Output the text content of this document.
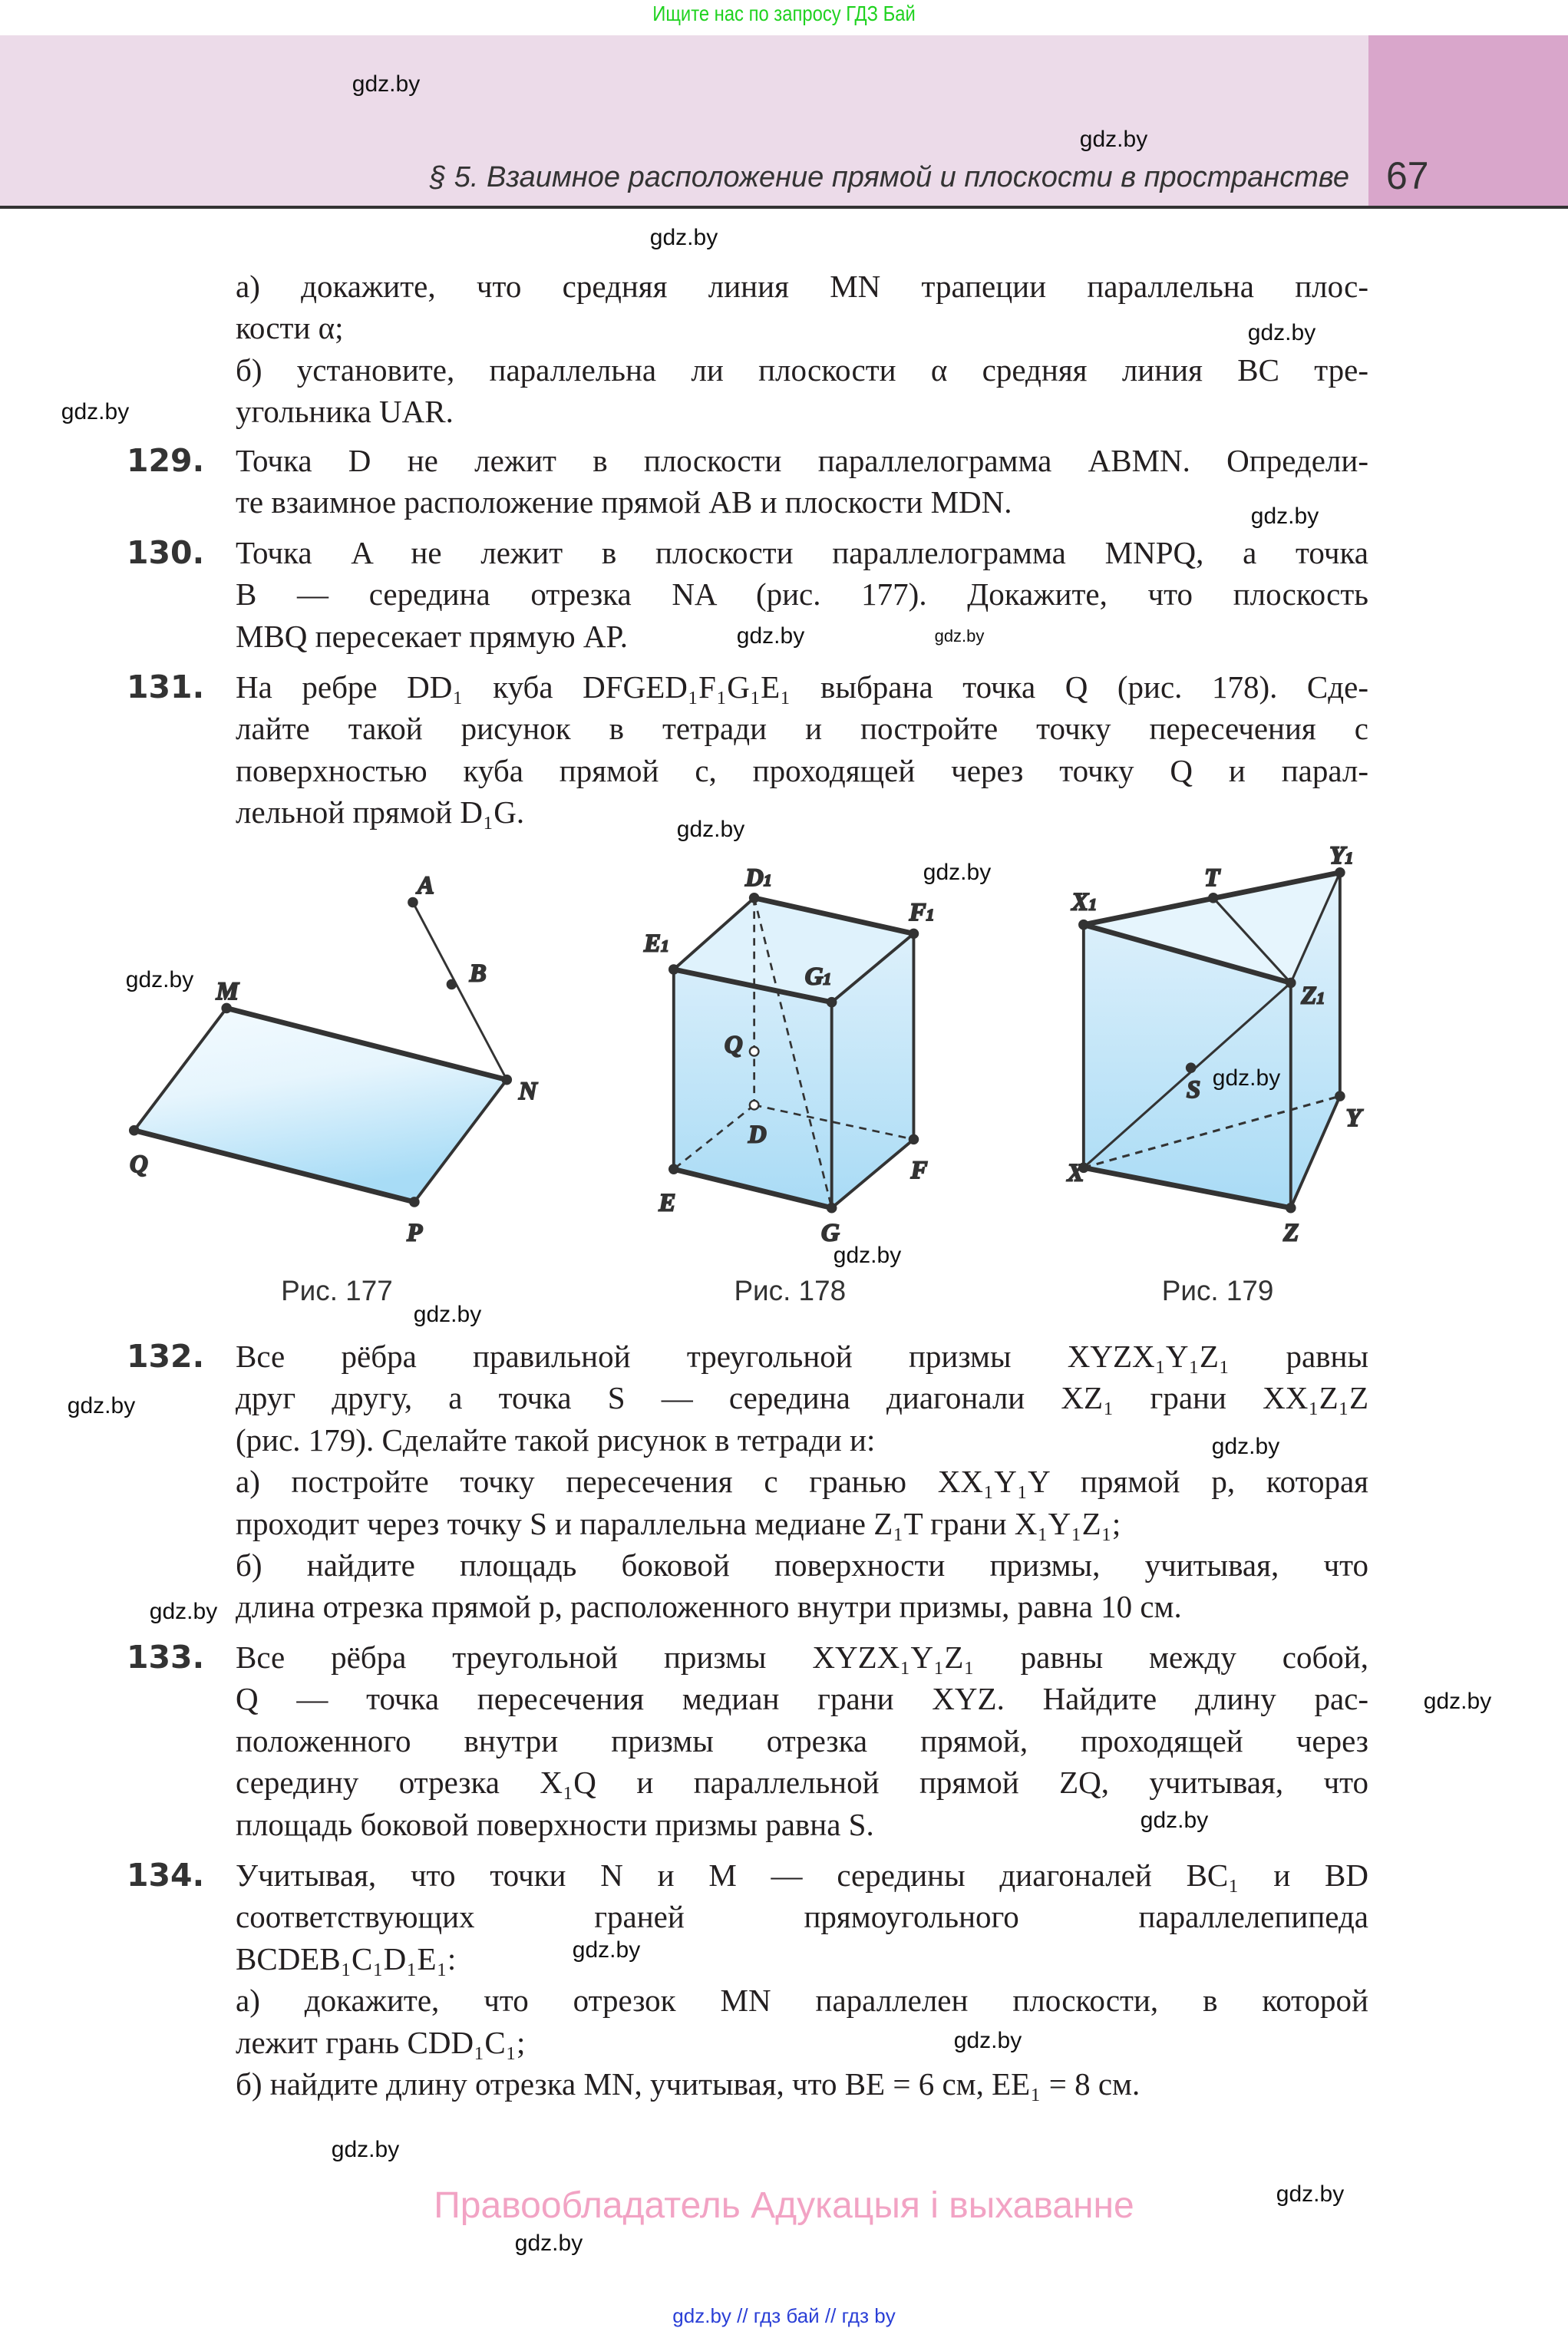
Ищите нас по запросу ГДЗ Бай
§ 5. Взаимное расположение прямой и плоскости в пространстве 67
а) докажите, что средняя линия MN трапеции параллельна плос-
кости α;
б) установите, параллельна ли плоскости α средняя линия BC тре-
угольника UAR.
129. Точка D не лежит в плоскости параллелограмма ABMN. Определи-
те взаимное расположение прямой AB и плоскости MDN.
130. Точка A не лежит в плоскости параллелограмма MNPQ, а точка
B — середина отрезка NA (рис. 177). Докажите, что плоскость
MBQ пересекает прямую AP.
131. На ребре DD₁ куба DFGED₁F₁G₁E₁ выбрана точка Q (рис. 178). Сде-
лайте такой рисунок в тетради и постройте точку пересечения с
поверхностью куба прямой c, проходящей через точку Q и парал-
лельной прямой D₁G.
132. Все рёбра правильной треугольной призмы XYZX₁Y₁Z₁ равны
друг другу, а точка S — середина диагонали XZ₁ грани XX₁Z₁Z
(рис. 179). Сделайте такой рисунок в тетради и:
а) постройте точку пересечения с гранью XX₁Y₁Y прямой p, которая
проходит через точку S и параллельна медиане Z₁T грани X₁Y₁Z₁;
б) найдите площадь боковой поверхности призмы, учитывая, что
длина отрезка прямой p, расположенного внутри призмы, равна 10 см.
133. Все рёбра треугольной призмы XYZX₁Y₁Z₁ равны между собой,
Q — точка пересечения медиан грани XYZ. Найдите длину рас-
положенного внутри призмы отрезка прямой, проходящей через
середину отрезка X₁Q и параллельной прямой ZQ, учитывая, что
площадь боковой поверхности призмы равна S.
134. Учитывая, что точки N и M — середины диагоналей BC₁ и BD
соответствующих граней прямоугольного параллелепипеда
BCDEB₁C₁D₁E₁:
а) докажите, что отрезок MN параллелен плоскости, в которой
лежит грань CDD₁C₁;
б) найдите длину отрезка MN, учитывая, что BE = 6 см, EE₁ = 8 см.
A
B
M
N
Q
P
Рис. 177
D1
F1
E1
G1
Q
D
E
G
F
Рис. 178
X1
T
Y1
Z1
S
X
Y
Z
Рис. 179
gdz.by
gdz.by
gdz.by
gdz.by
gdz.by
gdz.by
gdz.by
gdz.by
gdz.by
gdz.by
gdz.by
gdz.by
gdz.by
gdz.by
gdz.by
gdz.by
gdz.by
gdz.by
gdz.by
gdz.by
gdz.by
gdz.by
gdz.by
gdz.by
Правообладатель Адукацыя і выхаванне
gdz.by // гдз бай // гдз by
